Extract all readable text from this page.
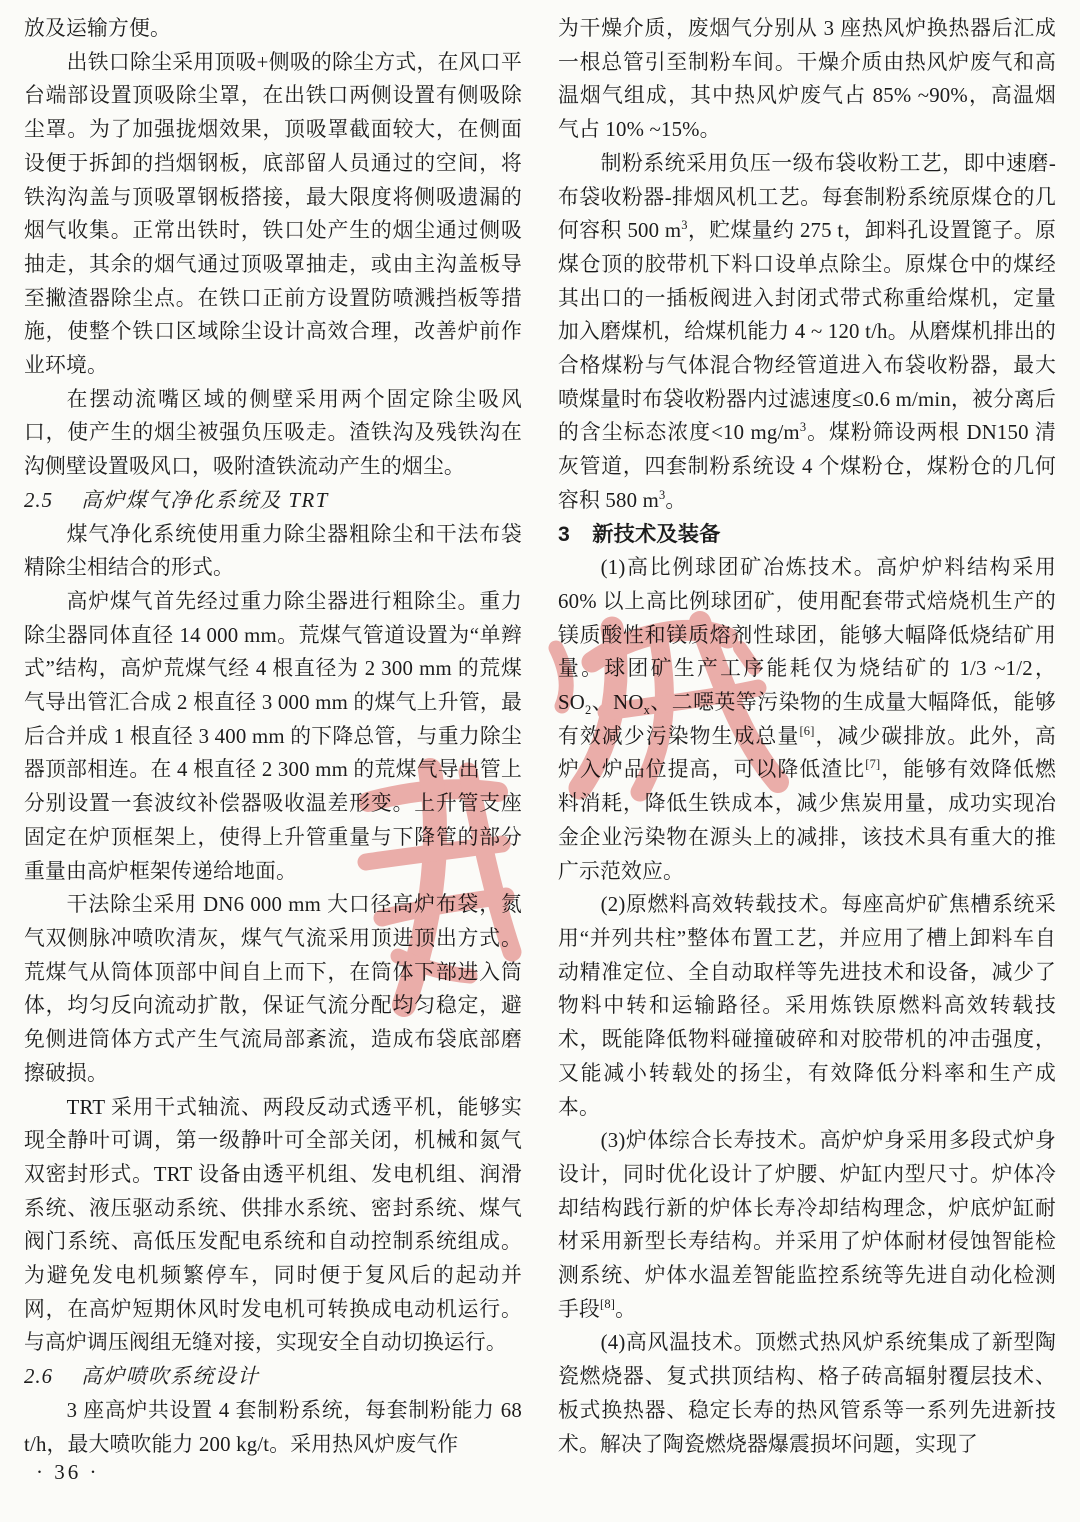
放及运输方便。

出铁口除尘采用顶吸+侧吸的除尘方式，在风口平台端部设置顶吸除尘罩，在出铁口两侧设置有侧吸除尘罩。为了加强拢烟效果，顶吸罩截面较大，在侧面设便于拆卸的挡烟钢板，底部留人员通过的空间，将铁沟沟盖与顶吸罩钢板搭接，最大限度将侧吸遗漏的烟气收集。正常出铁时，铁口处产生的烟尘通过侧吸抽走，其余的烟气通过顶吸罩抽走，或由主沟盖板导至撇渣器除尘点。在铁口正前方设置防喷溅挡板等措施，使整个铁口区域除尘设计高效合理，改善炉前作业环境。

在摆动流嘴区域的侧壁采用两个固定除尘吸风口，使产生的烟尘被强负压吸走。渣铁沟及残铁沟在沟侧壁设置吸风口，吸附渣铁流动产生的烟尘。

2.5 高炉煤气净化系统及 TRT

煤气净化系统使用重力除尘器粗除尘和干法布袋精除尘相结合的形式。

高炉煤气首先经过重力除尘器进行粗除尘。重力除尘器同体直径 14 000 mm。荒煤气管道设置为“单辫式”结构，高炉荒煤气经 4 根直径为 2 300 mm 的荒煤气导出管汇合成 2 根直径 3 000 mm 的煤气上升管，最后合并成 1 根直径 3 400 mm 的下降总管，与重力除尘器顶部相连。在 4 根直径 2 300 mm 的荒煤气导出管上分别设置一套波纹补偿器吸收温差形变。上升管支座固定在炉顶框架上，使得上升管重量与下降管的部分重量由高炉框架传递给地面。

干法除尘采用 DN6 000 mm 大口径高炉布袋，氮气双侧脉冲喷吹清灰，煤气气流采用顶进顶出方式。荒煤气从筒体顶部中间自上而下，在筒体下部进入筒体，均匀反向流动扩散，保证气流分配均匀稳定，避免侧进筒体方式产生气流局部紊流，造成布袋底部磨擦破损。

TRT 采用干式轴流、两段反动式透平机，能够实现全静叶可调，第一级静叶可全部关闭，机械和氮气双密封形式。TRT 设备由透平机组、发电机组、润滑系统、液压驱动系统、供排水系统、密封系统、煤气阀门系统、高低压发配电系统和自动控制系统组成。为避免发电机频繁停车，同时便于复风后的起动并网，在高炉短期休风时发电机可转换成电动机运行。与高炉调压阀组无缝对接，实现安全自动切换运行。

2.6 高炉喷吹系统设计

3 座高炉共设置 4 套制粉系统，每套制粉能力 68 t/h，最大喷吹能力 200 kg/t。采用热风炉废气作

为干燥介质，废烟气分别从 3 座热风炉换热器后汇成一根总管引至制粉车间。干燥介质由热风炉废气和高温烟气组成，其中热风炉废气占 85% ~90%，高温烟气占 10% ~15%。

制粉系统采用负压一级布袋收粉工艺，即中速磨-布袋收粉器-排烟风机工艺。每套制粉系统原煤仓的几何容积 500 $m^3$，贮煤量约 275 t，卸料孔设置篦子。原煤仓顶的胶带机下料口设单点除尘。原煤仓中的煤经其出口的一插板阀进入封闭式带式称重给煤机，定量加入磨煤机，给煤机能力 4 ~ 120 t/h。从磨煤机排出的合格煤粉与气体混合物经管道进入布袋收粉器，最大喷煤量时布袋收粉器内过滤速度≤0.6 m/min，被分离后的含尘标态浓度<10 $mg/m^3$。煤粉筛设两根 DN150 清灰管道，四套制粉系统设 4 个煤粉仓，煤粉仓的几何容积 580 $m^3$。

3 新技术及装备

(1)高比例球团矿冶炼技术。高炉炉料结构采用 60% 以上高比例球团矿，使用配套带式焙烧机生产的镁质酸性和镁质熔剂性球团，能够大幅降低烧结矿用量。球团矿生产工序能耗仅为烧结矿的 1/3 ~1/2，$SO_2$、$NO_x$、二噁英等污染物的生成量大幅降低，能够有效减少污染物生成总量[6]，减少碳排放。此外，高炉入炉品位提高，可以降低渣比[7]，能够有效降低燃料消耗，降低生铁成本，减少焦炭用量，成功实现冶金企业污染物在源头上的减排，该技术具有重大的推广示范效应。

(2)原燃料高效转载技术。每座高炉矿焦槽系统采用“并列共柱”整体布置工艺，并应用了槽上卸料车自动精准定位、全自动取样等先进技术和设备，减少了物料中转和运输路径。采用炼铁原燃料高效转载技术，既能降低物料碰撞破碎和对胶带机的冲击强度，又能减小转载处的扬尘，有效降低分料率和生产成本。

(3)炉体综合长寿技术。高炉炉身采用多段式炉身设计，同时优化设计了炉腰、炉缸内型尺寸。炉体冷却结构践行新的炉体长寿冷却结构理念，炉底炉缸耐材采用新型长寿结构。并采用了炉体耐材侵蚀智能检测系统、炉体水温差智能监控系统等先进自动化检测手段[8]。

(4)高风温技术。顶燃式热风炉系统集成了新型陶瓷燃烧器、复式拱顶结构、格子砖高辐射覆层技术、板式换热器、稳定长寿的热风管系等一系列先进新技术。解决了陶瓷燃烧器爆震损坏问题，实现了

· 36 ·
